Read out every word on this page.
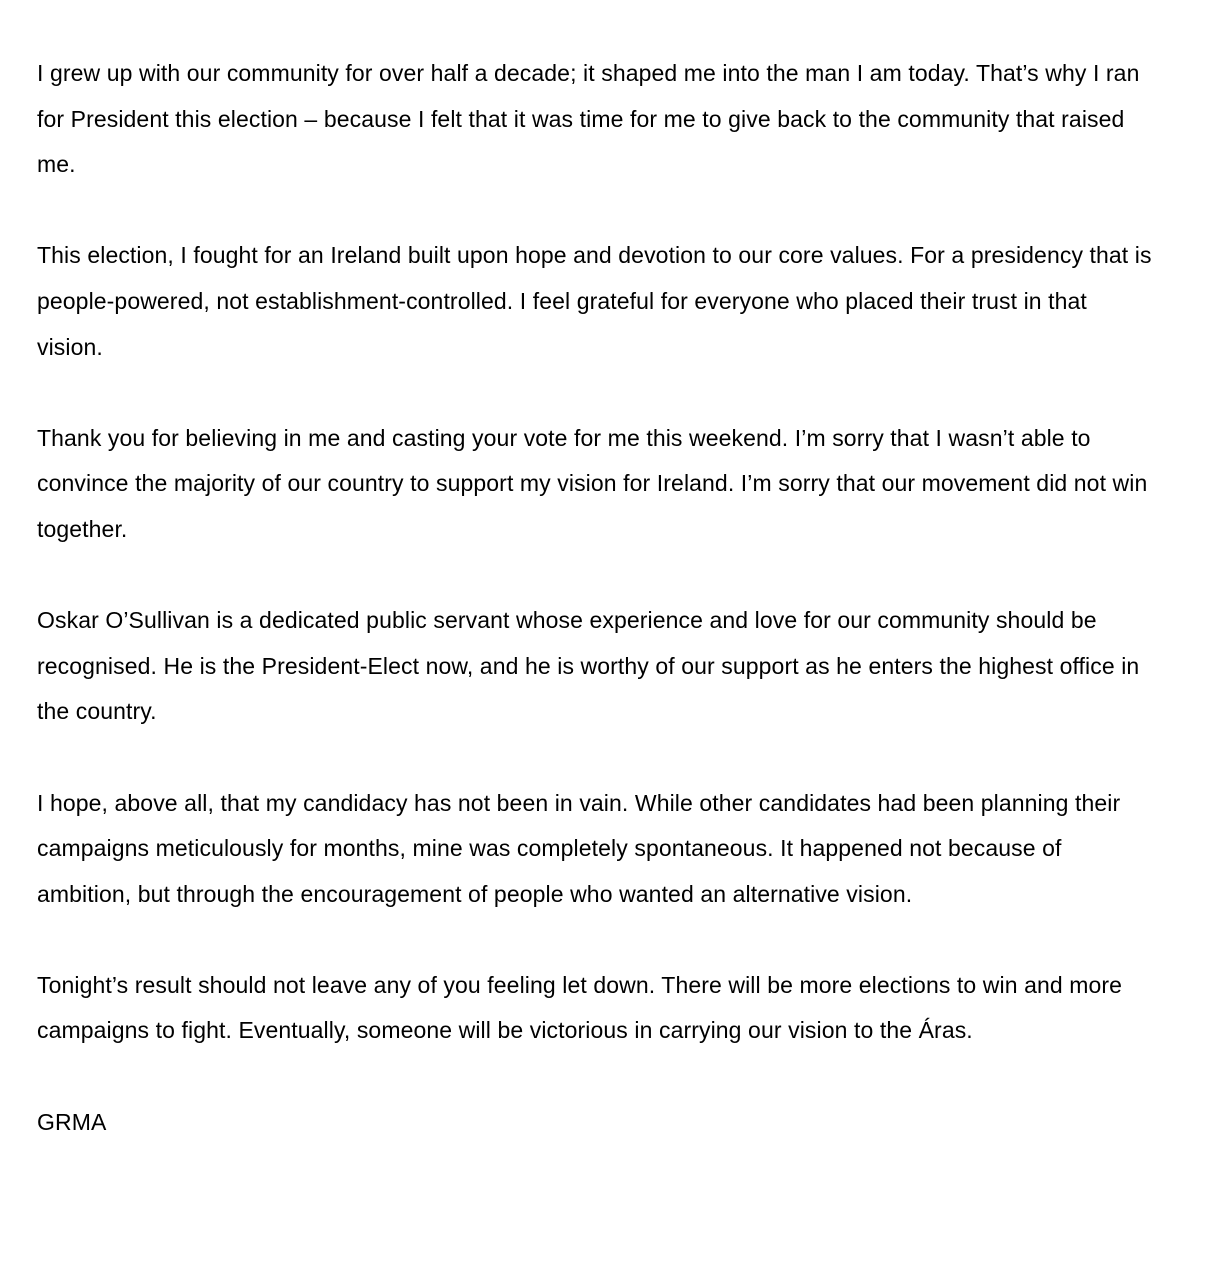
I grew up with our community for over half a decade; it shaped me into the man I am today. That’s why I ran for President this election – because I felt that it was time for me to give back to the community that raised me.

This election, I fought for an Ireland built upon hope and devotion to our core values. For a presidency that is people-powered, not establishment-controlled. I feel grateful for everyone who placed their trust in that vision.

Thank you for believing in me and casting your vote for me this weekend. I’m sorry that I wasn’t able to convince the majority of our country to support my vision for Ireland. I’m sorry that our movement did not win together.

Oskar O’Sullivan is a dedicated public servant whose experience and love for our community should be recognised. He is the President-Elect now, and he is worthy of our support as he enters the highest office in the country.

I hope, above all, that my candidacy has not been in vain. While other candidates had been planning their campaigns meticulously for months, mine was completely spontaneous. It happened not because of ambition, but through the encouragement of people who wanted an alternative vision.

Tonight’s result should not leave any of you feeling let down. There will be more elections to win and more campaigns to fight. Eventually, someone will be victorious in carrying our vision to the Áras.

GRMA
